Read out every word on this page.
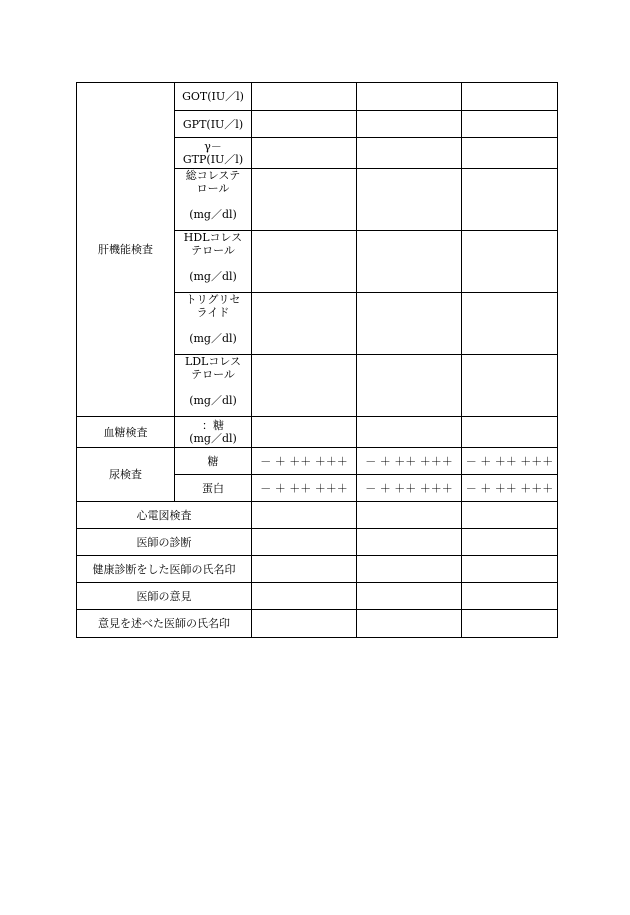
肝機能検査	GOT(IU／l)			

	GPT(IU／l)			

	γ－
GTP(IU／l)			

	総コレステ
ロール
(mg／dl)			

	HDLコレス
テロール
(mg／dl)			

	トリグリセ
ライド
(mg／dl)			

	LDLコレス
テロール
(mg／dl)			

血糖検査	：糖
(mg／dl)			

尿検査	糖	－ ＋ ＋＋ ＋＋＋	－ ＋ ＋＋ ＋＋＋	－ ＋ ＋＋ ＋＋＋
	蛋白	－ ＋ ＋＋ ＋＋＋	－ ＋ ＋＋ ＋＋＋	－ ＋ ＋＋ ＋＋＋
心電図検査				
医師の診断				
健康診断をした医師の氏名印				
医師の意見				
意見を述べた医師の氏名印				
